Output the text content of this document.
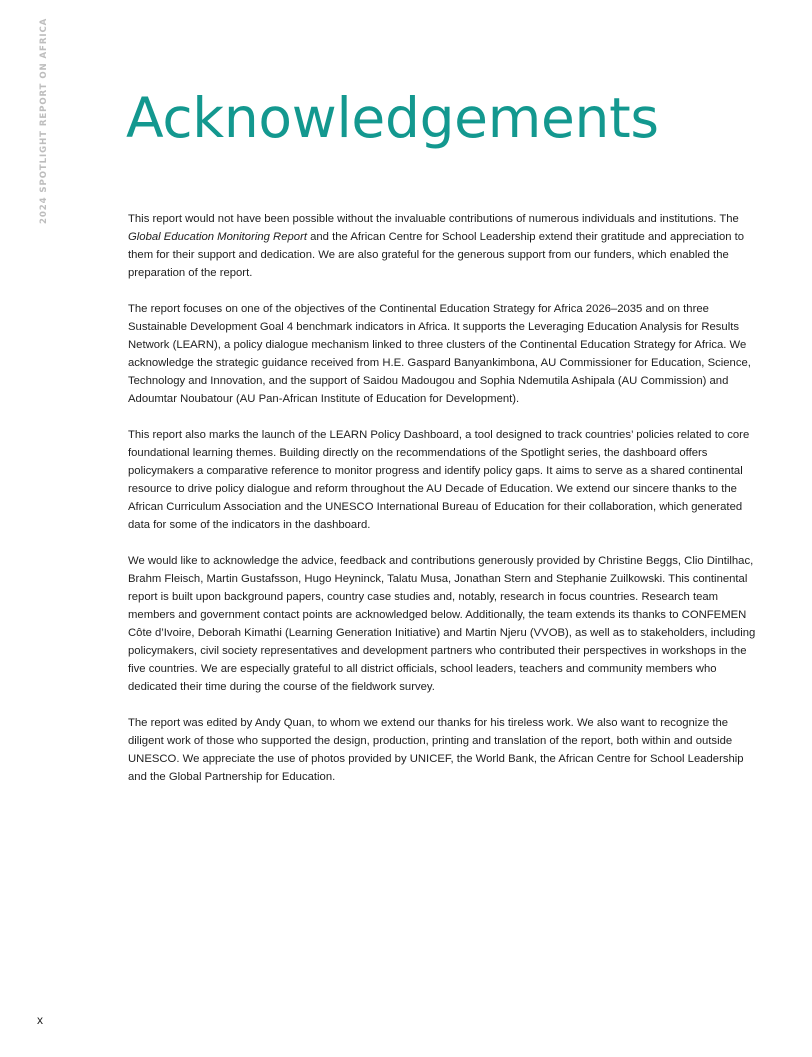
2024 SPOTLIGHT REPORT ON AFRICA Acknowledgements

This report would not have been possible without the invaluable contributions of numerous individuals and institutions. The Global Education Monitoring Report and the African Centre for School Leadership extend their gratitude and appreciation to them for their support and dedication. We are also grateful for the generous support from our funders, which enabled the preparation of the report.

The report focuses on one of the objectives of the Continental Education Strategy for Africa 2026–2035 and on three Sustainable Development Goal 4 benchmark indicators in Africa. It supports the Leveraging Education Analysis for Results Network (LEARN), a policy dialogue mechanism linked to three clusters of the Continental Education Strategy for Africa. We acknowledge the strategic guidance received from H.E. Gaspard Banyankimbona, AU Commissioner for Education, Science, Technology and Innovation, and the support of Saidou Madougou and Sophia Ndemutila Ashipala (AU Commission) and Adoumtar Noubatour (AU Pan-African Institute of Education for Development).

This report also marks the launch of the LEARN Policy Dashboard, a tool designed to track countries’ policies related to core foundational learning themes. Building directly on the recommendations of the Spotlight series, the dashboard offers policymakers a comparative reference to monitor progress and identify policy gaps. It aims to serve as a shared continental resource to drive policy dialogue and reform throughout the AU Decade of Education. We extend our sincere thanks to the African Curriculum Association and the UNESCO International Bureau of Education for their collaboration, which generated data for some of the indicators in the dashboard.

We would like to acknowledge the advice, feedback and contributions generously provided by Christine Beggs, Clio Dintilhac, Brahm Fleisch, Martin Gustafsson, Hugo Heyninck, Talatu Musa, Jonathan Stern and Stephanie Zuilkowski. This continental report is built upon background papers, country case studies and, notably, research in focus countries. Research team members and government contact points are acknowledged below. Additionally, the team extends its thanks to CONFEMEN Côte d’Ivoire, Deborah Kimathi (Learning Generation Initiative) and Martin Njeru (VVOB), as well as to stakeholders, including policymakers, civil society representatives and development partners who contributed their perspectives in workshops in the five countries. We are especially grateful to all district officials, school leaders, teachers and community members who dedicated their time during the course of the fieldwork survey.

The report was edited by Andy Quan, to whom we extend our thanks for his tireless work. We also want to recognize the diligent work of those who supported the design, production, printing and translation of the report, both within and outside UNESCO. We appreciate the use of photos provided by UNICEF, the World Bank, the African Centre for School Leadership and the Global Partnership for Education.

x
